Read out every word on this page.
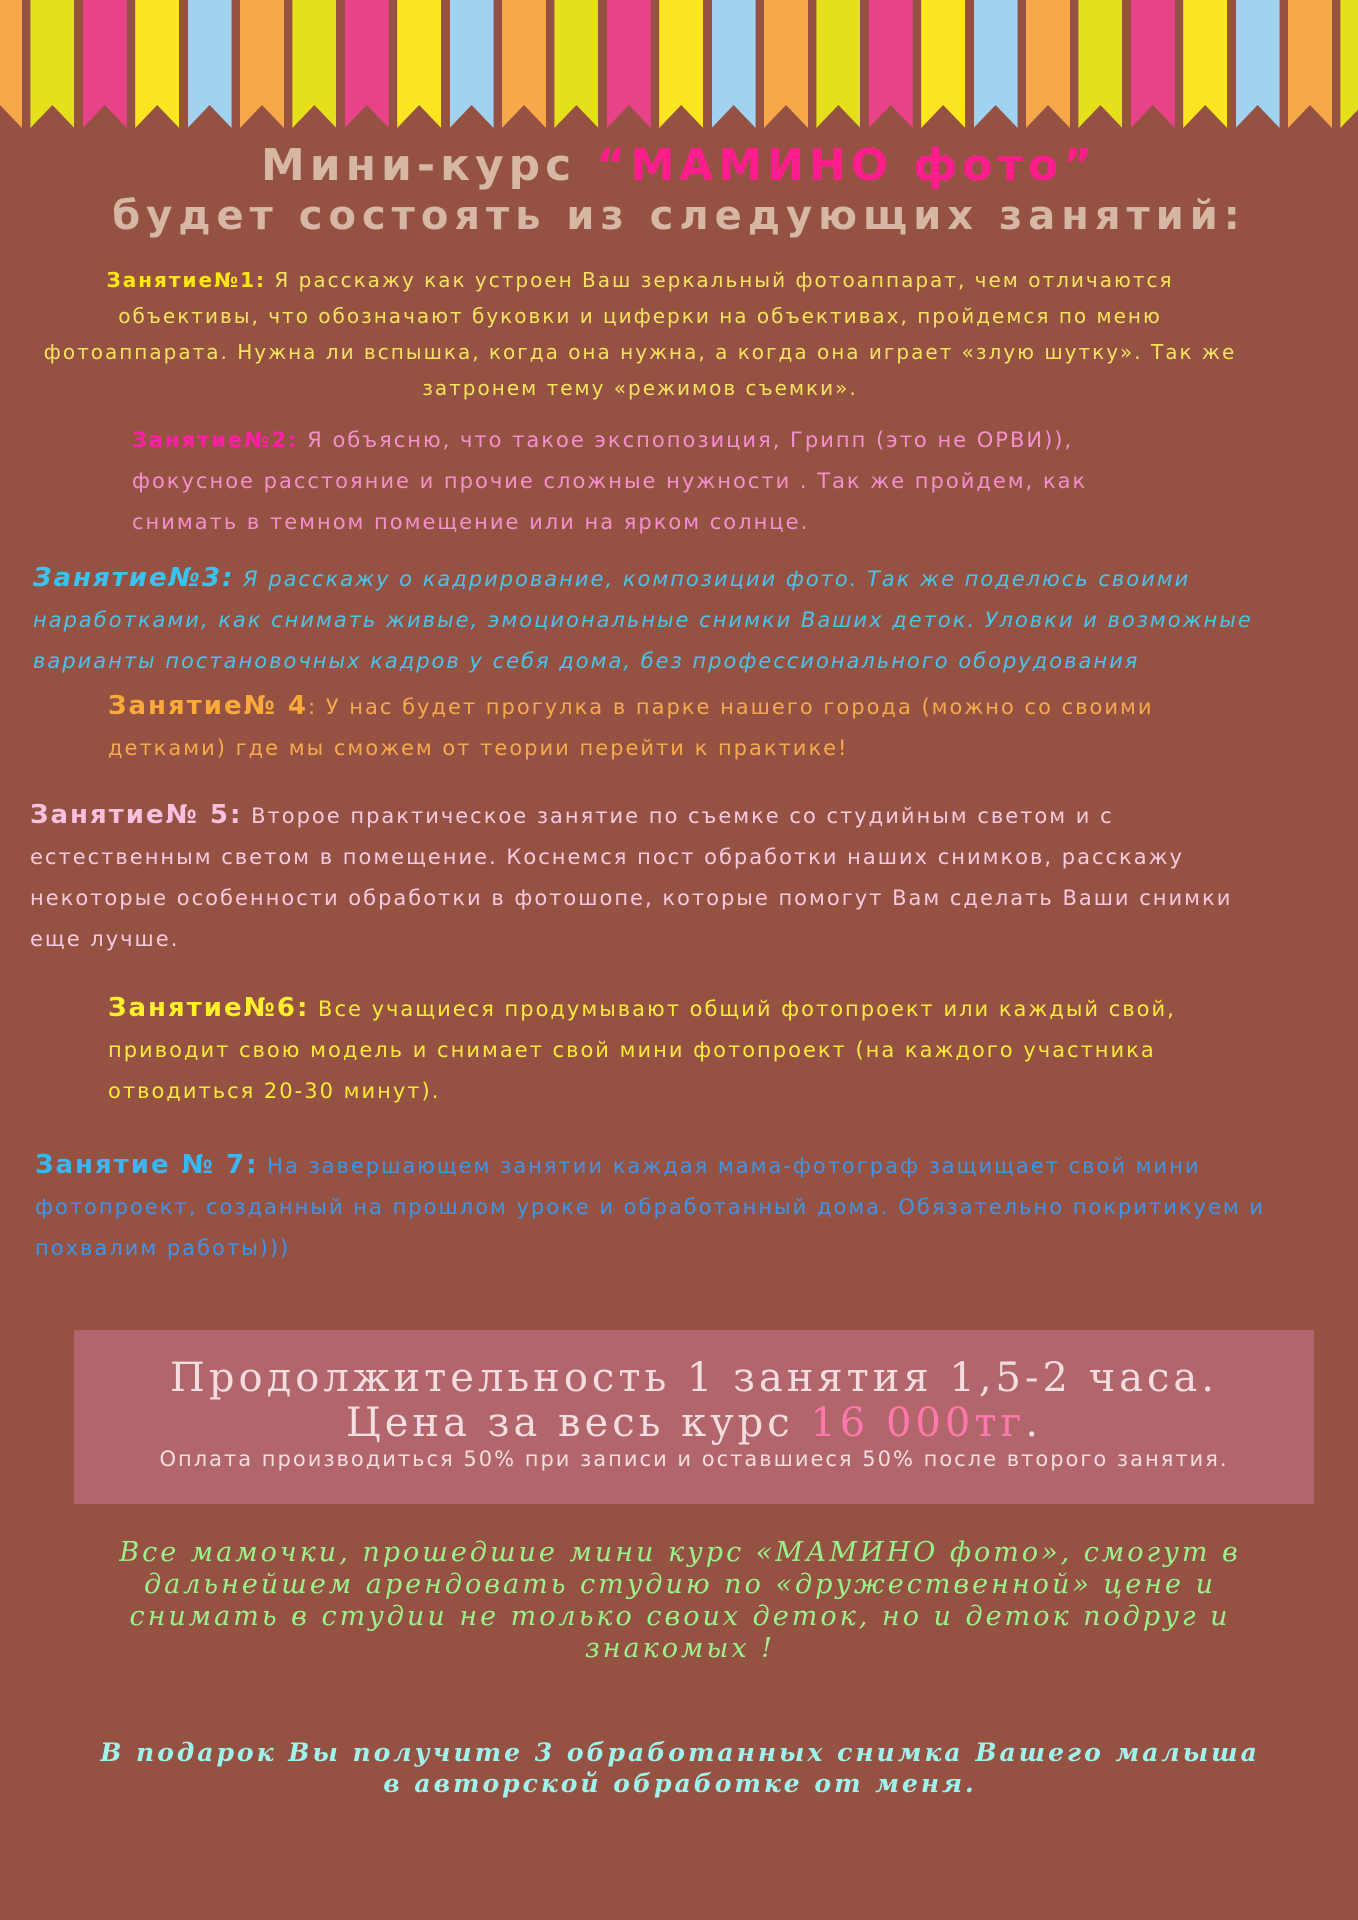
Мини-курс “МАМИНО фото”
будет состоять из следующих занятий:
Занятие№1: Я расскажу как устроен Ваш зеркальный фотоаппарат, чем отличаются объективы, что обозначают буковки и циферки на объективах, пройдемся по меню фотоаппарата. Нужна ли вспышка, когда она нужна, а когда она играет «злую шутку». Так же затронем тему «режимов съемки».
Занятие№2: Я объясню, что такое экспопозиция, Грипп (это не ОРВИ)), фокусное расстояние и прочие сложные нужности . Так же пройдем, как снимать в темном помещение или на ярком солнце.
Занятие№3: Я расскажу о кадрирование, композиции фото. Так же поделюсь своими наработками, как снимать живые, эмоциональные снимки Ваших деток. Уловки и возможные варианты постановочных кадров у себя дома, без профессионального оборудования
Занятие№ 4: У нас будет прогулка в парке нашего города (можно со своими детками) где мы сможем от теории перейти к практике!
Занятие№ 5: Второе практическое занятие по съемке со студийным светом и с естественным светом в помещение. Коснемся пост обработки наших снимков, расскажу некоторые особенности обработки в фотошопе, которые помогут Вам сделать Ваши снимки еще лучше.
Занятие№6: Все учащиеся продумывают общий фотопроект или каждый свой, приводит свою модель и снимает свой мини фотопроект (на каждого участника отводиться 20-30 минут).
Занятие № 7: На завершающем занятии каждая мама-фотограф защищает свой мини фотопроект, созданный на прошлом уроке и обработанный дома. Обязательно покритикуем и похвалим работы)))
Продолжительность 1 занятия 1,5-2 часа.
Цена за весь курс 16 000тг.
Оплата производиться 50% при записи и оставшиеся 50% после второго занятия.
Все мамочки, прошедшие мини курс «МАМИНО фото», смогут в дальнейшем арендовать студию по «дружественной» цене и снимать в студии не только своих деток, но и деток подруг и знакомых !
В подарок Вы получите 3 обработанных снимка Вашего малыша в авторской обработке от меня.
